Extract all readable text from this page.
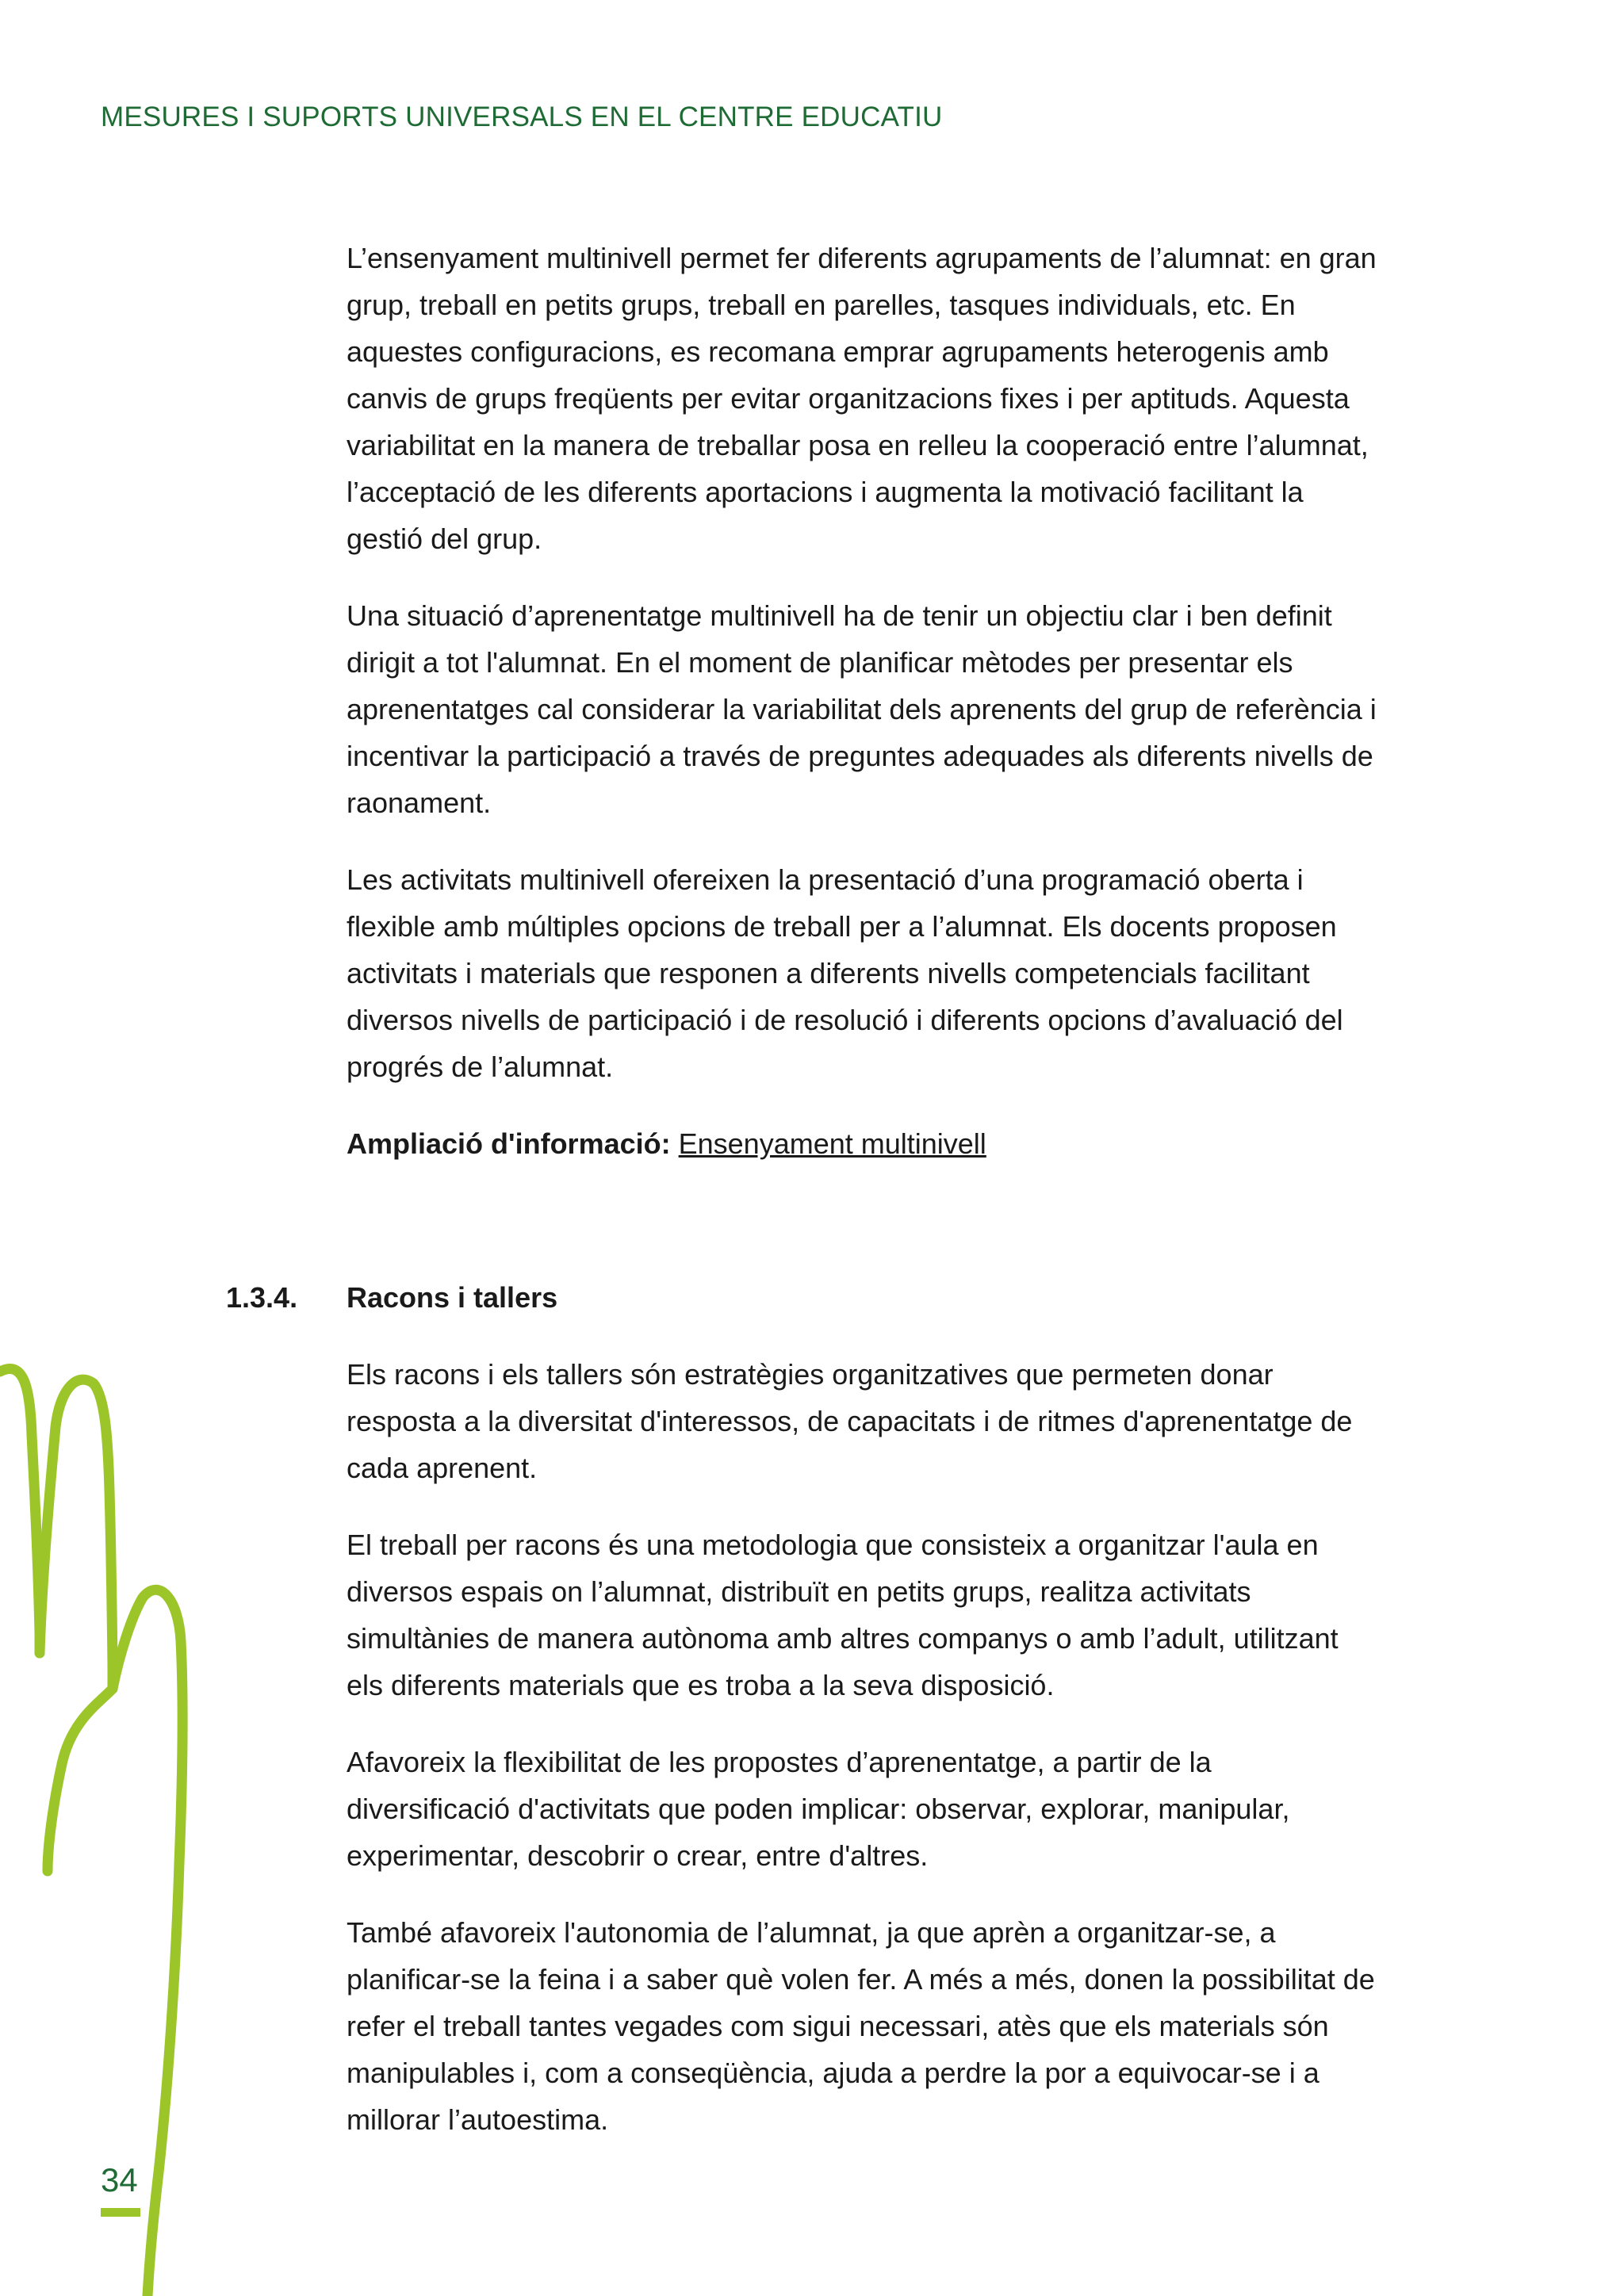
MESURES I SUPORTS UNIVERSALS EN EL CENTRE EDUCATIU

L’ensenyament multinivell permet fer diferents agrupaments de l’alumnat: en gran grup, treball en petits grups, treball en parelles, tasques individuals, etc. En aquestes configuracions, es recomana emprar agrupaments heterogenis amb canvis de grups freqüents per evitar organitzacions fixes i per aptituds. Aquesta variabilitat en la manera de treballar posa en relleu la cooperació entre l’alumnat, l’acceptació de les diferents aportacions i augmenta la motivació facilitant la gestió del grup.

Una situació d’aprenentatge multinivell ha de tenir un objectiu clar i ben definit dirigit a tot l'alumnat. En el moment de planificar mètodes per presentar els aprenentatges cal considerar la variabilitat dels aprenents del grup de referència i incentivar la participació a través de preguntes adequades als diferents nivells de raonament.

Les activitats multinivell ofereixen la presentació d’una programació oberta i flexible amb múltiples opcions de treball per a l’alumnat. Els docents proposen activitats i materials que responen a diferents nivells competencials facilitant diversos nivells de participació i de resolució i diferents opcions d’avaluació del progrés de l’alumnat.

Ampliació d'informació: Ensenyament multinivell

1.3.4. Racons i tallers

Els racons i els tallers són estratègies organitzatives que permeten donar resposta a la diversitat d'interessos, de capacitats i de ritmes d'aprenentatge de cada aprenent.

El treball per racons és una metodologia que consisteix a organitzar l'aula en diversos espais on l’alumnat, distribuït en petits grups, realitza activitats simultànies de manera autònoma amb altres companys o amb l’adult, utilitzant els diferents materials que es troba a la seva disposició.

Afavoreix la flexibilitat de les propostes d’aprenentatge, a partir de la diversificació d'activitats que poden implicar: observar, explorar, manipular, experimentar, descobrir o crear, entre d'altres.

També afavoreix l'autonomia de l’alumnat, ja que aprèn a organitzar-se, a planificar-se la feina i a saber què volen fer. A més a més, donen la possibilitat de refer el treball tantes vegades com sigui necessari, atès que els materials són manipulables i, com a conseqüència, ajuda a perdre la por a equivocar-se i a millorar l’autoestima.

34
